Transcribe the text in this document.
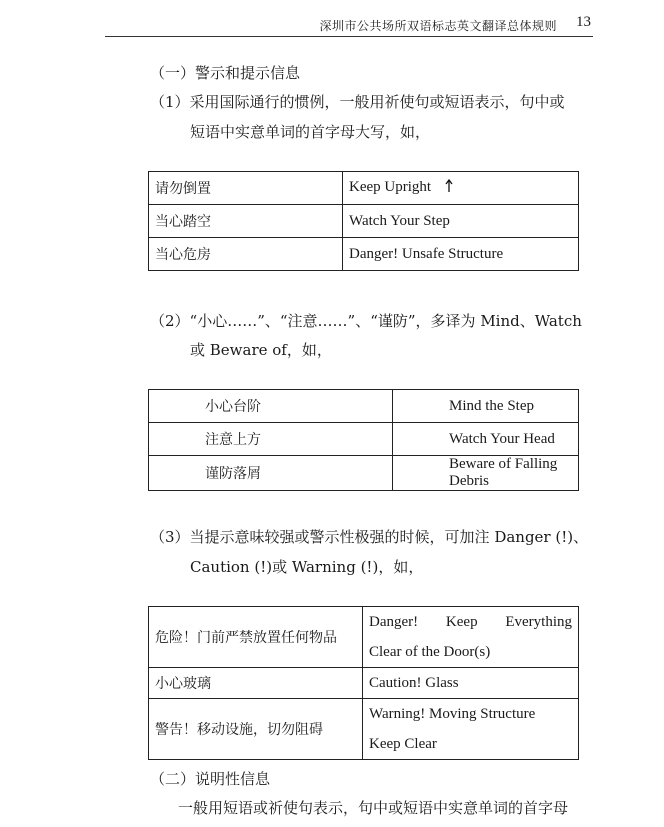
深圳市公共场所双语标志英文翻译总体规则 13
（一）警示和提示信息
（1）采用国际通行的惯例，一般用祈使句或短语表示，句中或
短语中实意单词的首字母大写，如，
请勿倒置	Keep Upright
当心踏空	Watch Your Step
当心危房	Danger! Unsafe Structure
（2）“小心……”、“注意……”、“谨防”，多译为 Mind、Watch
或 Beware of，如，
小心台阶	Mind the Step
注意上方	Watch Your Head
谨防落屑	Beware of Falling Debris
（3）当提示意味较强或警示性极强的时候，可加注 Danger (!)、
Caution (!)或 Warning (!)，如，
危险！门前严禁放置任何物品	Danger! Keep Everything
Clear of the Door(s)

小心玻璃	Caution! Glass
警告！移动设施，切勿阻碍	Warning! Moving Structure
Keep Clear
（二）说明性信息
一般用短语或祈使句表示，句中或短语中实意单词的首字母
